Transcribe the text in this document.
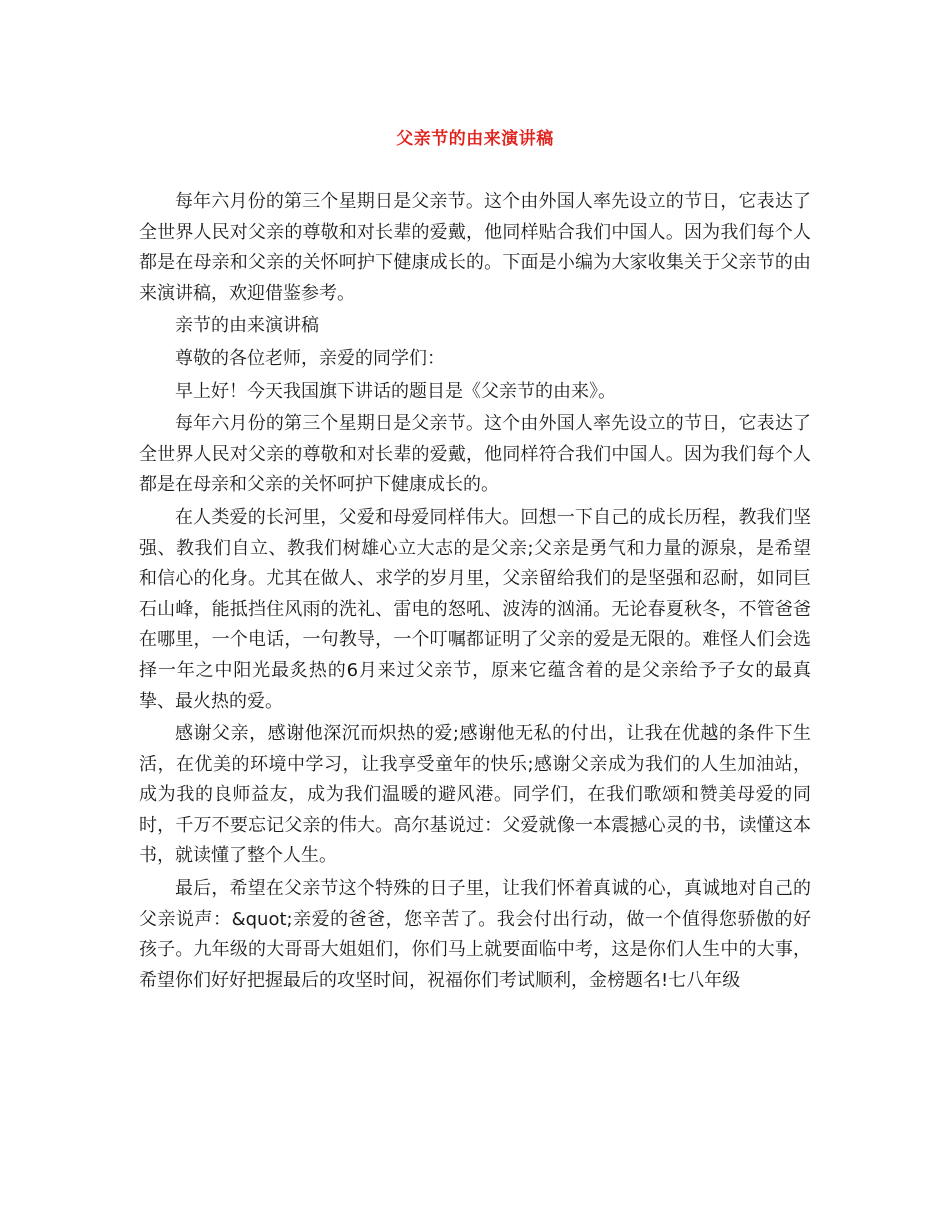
父亲节的由来演讲稿

每年六月份的第三个星期日是父亲节。这个由外国人率先设立的节日，它表达了全世界人民对父亲的尊敬和对长辈的爱戴，他同样贴合我们中国人。因为我们每个人都是在母亲和父亲的关怀呵护下健康成长的。下面是小编为大家收集关于父亲节的由来演讲稿，欢迎借鉴参考。

亲节的由来演讲稿

尊敬的各位老师，亲爱的同学们：

早上好！今天我国旗下讲话的题目是《父亲节的由来》。

每年六月份的第三个星期日是父亲节。这个由外国人率先设立的节日，它表达了全世界人民对父亲的尊敬和对长辈的爱戴，他同样符合我们中国人。因为我们每个人都是在母亲和父亲的关怀呵护下健康成长的。

在人类爱的长河里，父爱和母爱同样伟大。回想一下自己的成长历程，教我们坚强、教我们自立、教我们树雄心立大志的是父亲;父亲是勇气和力量的源泉，是希望和信心的化身。尤其在做人、求学的岁月里，父亲留给我们的是坚强和忍耐，如同巨石山峰，能抵挡住风雨的洗礼、雷电的怒吼、波涛的汹涌。无论春夏秋冬，不管爸爸在哪里，一个电话，一句教导，一个叮嘱都证明了父亲的爱是无限的。难怪人们会选择一年之中阳光最炙热的6月来过父亲节，原来它蕴含着的是父亲给予子女的最真挚、最火热的爱。

感谢父亲，感谢他深沉而炽热的爱;感谢他无私的付出，让我在优越的条件下生活，在优美的环境中学习，让我享受童年的快乐;感谢父亲成为我们的人生加油站，成为我的良师益友，成为我们温暖的避风港。同学们，在我们歌颂和赞美母爱的同时，千万不要忘记父亲的伟大。高尔基说过：父爱就像一本震撼心灵的书，读懂这本书，就读懂了整个人生。

最后，希望在父亲节这个特殊的日子里，让我们怀着真诚的心，真诚地对自己的父亲说声：&quot;亲爱的爸爸，您辛苦了。我会付出行动，做一个值得您骄傲的好孩子。九年级的大哥哥大姐姐们，你们马上就要面临中考，这是你们人生中的大事，希望你们好好把握最后的攻坚时间，祝福你们考试顺利，金榜题名!七八年级
